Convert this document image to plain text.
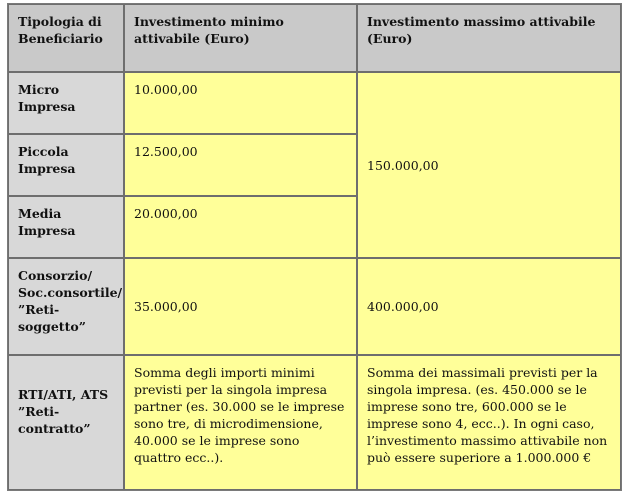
Tipologia di Beneficiario	Investimento minimo attivabile (Euro)	Investimento massimo attivabile (Euro)
Micro Impresa	10.000,00	150.000,00
Piccola Impresa	12.500,00	
Media Impresa	20.000,00	
Consorzio/ Soc.consortile/ ”Reti-soggetto”	35.000,00	400.000,00
RTI/ATI, ATS ”Reti-contratto”	Somma degli importi minimi previsti per la singola impresa partner (es. 30.000 se le imprese sono tre, di microdimensione, 40.000 se le imprese sono quattro ecc..).	Somma dei massimali previsti per la singola impresa. (es. 450.000 se le imprese sono tre, 600.000 se le imprese sono 4, ecc..). In ogni caso, l’investimento massimo attivabile non può essere superiore a 1.000.000 €
